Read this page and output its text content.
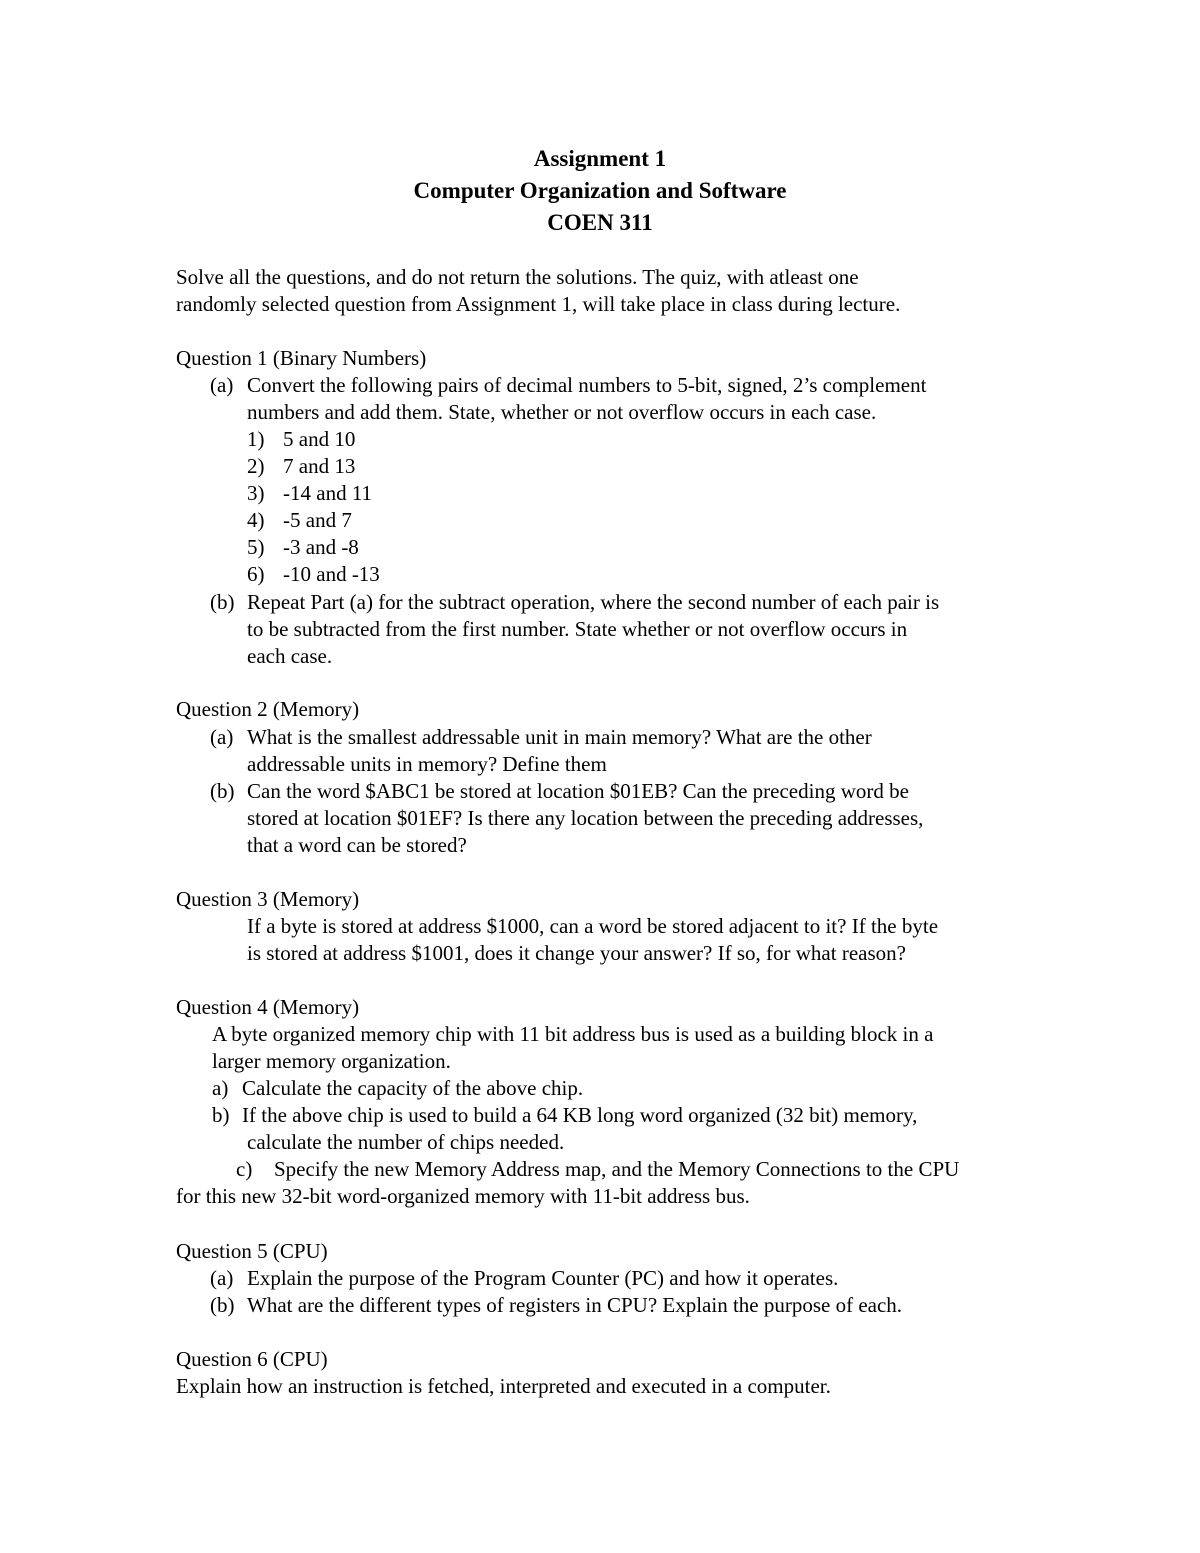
Assignment 1
Computer Organization and Software
COEN 311
Solve all the questions, and do not return the solutions. The quiz, with atleast one
randomly selected question from Assignment 1, will take place in class during lecture.
Question 1 (Binary Numbers)
(a) Convert the following pairs of decimal numbers to 5-bit, signed, 2’s complement
numbers and add them. State, whether or not overflow occurs in each case.
1) 5 and 10
2) 7 and 13
3) -14 and 11
4) -5 and 7
5) -3 and -8
6) -10 and -13
(b) Repeat Part (a) for the subtract operation, where the second number of each pair is
to be subtracted from the first number. State whether or not overflow occurs in
each case.
Question 2 (Memory)
(a) What is the smallest addressable unit in main memory? What are the other
addressable units in memory? Define them
(b) Can the word $ABC1 be stored at location $01EB? Can the preceding word be
stored at location $01EF? Is there any location between the preceding addresses,
that a word can be stored?
Question 3 (Memory)
If a byte is stored at address $1000, can a word be stored adjacent to it? If the byte
is stored at address $1001, does it change your answer? If so, for what reason?
Question 4 (Memory)
A byte organized memory chip with 11 bit address bus is used as a building block in a
larger memory organization.
a) Calculate the capacity of the above chip.
b) If the above chip is used to build a 64 KB long word organized (32 bit) memory,
calculate the number of chips needed.
c) Specify the new Memory Address map, and the Memory Connections to the CPU
for this new 32-bit word-organized memory with 11-bit address bus.
Question 5 (CPU)
(a) Explain the purpose of the Program Counter (PC) and how it operates.
(b) What are the different types of registers in CPU? Explain the purpose of each.
Question 6 (CPU)
Explain how an instruction is fetched, interpreted and executed in a computer.
